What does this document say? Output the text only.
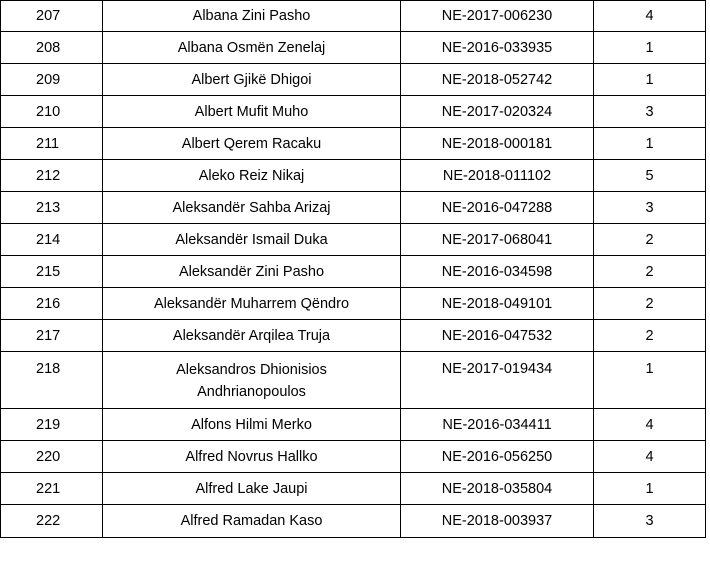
207	Albana Zini Pasho	NE-2017-006230	4
208	Albana Osmën Zenelaj	NE-2016-033935	1
209	Albert Gjikë Dhigoi	NE-2018-052742	1
210	Albert Mufit Muho	NE-2017-020324	3
211	Albert Qerem Racaku	NE-2018-000181	1
212	Aleko Reiz Nikaj	NE-2018-011102	5
213	Aleksandër Sahba Arizaj	NE-2016-047288	3
214	Aleksandër Ismail Duka	NE-2017-068041	2
215	Aleksandër Zini Pasho	NE-2016-034598	2
216	Aleksandër Muharrem Qëndro	NE-2018-049101	2
217	Aleksandër Arqilea Truja	NE-2016-047532	2
218	Aleksandros Dhionisios
Andhrianopoulos	NE-2017-019434	1
219	Alfons Hilmi Merko	NE-2016-034411	4
220	Alfred Novrus Hallko	NE-2016-056250	4
221	Alfred Lake Jaupi	NE-2018-035804	1
222	Alfred Ramadan Kaso	NE-2018-003937	3
